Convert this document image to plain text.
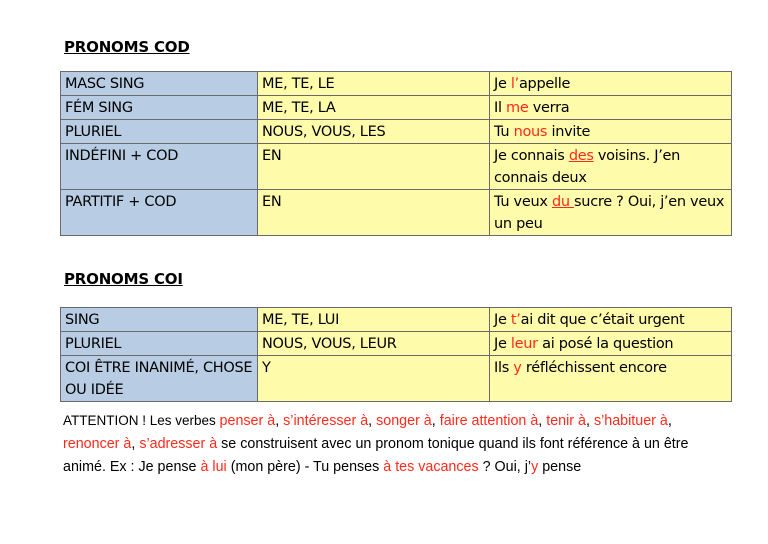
PRONOMS COD
MASC SING	ME, TE, LE	Je l’appelle
FÉM SING	ME, TE, LA	Il me verra
PLURIEL	NOUS, VOUS, LES	Tu nous invite
INDÉFINI + COD	EN	Je connais des voisins. J’en connais deux
PARTITIF + COD	EN	Tu veux du sucre ? Oui, j’en veux un peu
PRONOMS COI
SING	ME, TE, LUI	Je t’ai dit que c’était urgent
PLURIEL	NOUS, VOUS, LEUR	Je leur ai posé la question
COI ÊTRE INANIMÉ, CHOSE OU IDÉE	Y	Ils y réfléchissent encore
ATTENTION ! Les verbes penser à, s’intéresser à, songer à, faire attention à, tenir à, s’habituer à, renoncer à, s’adresser à se construisent avec un pronom tonique quand ils font référence à un être animé. Ex : Je pense à lui (mon père) - Tu penses à tes vacances ? Oui, j’y pense
